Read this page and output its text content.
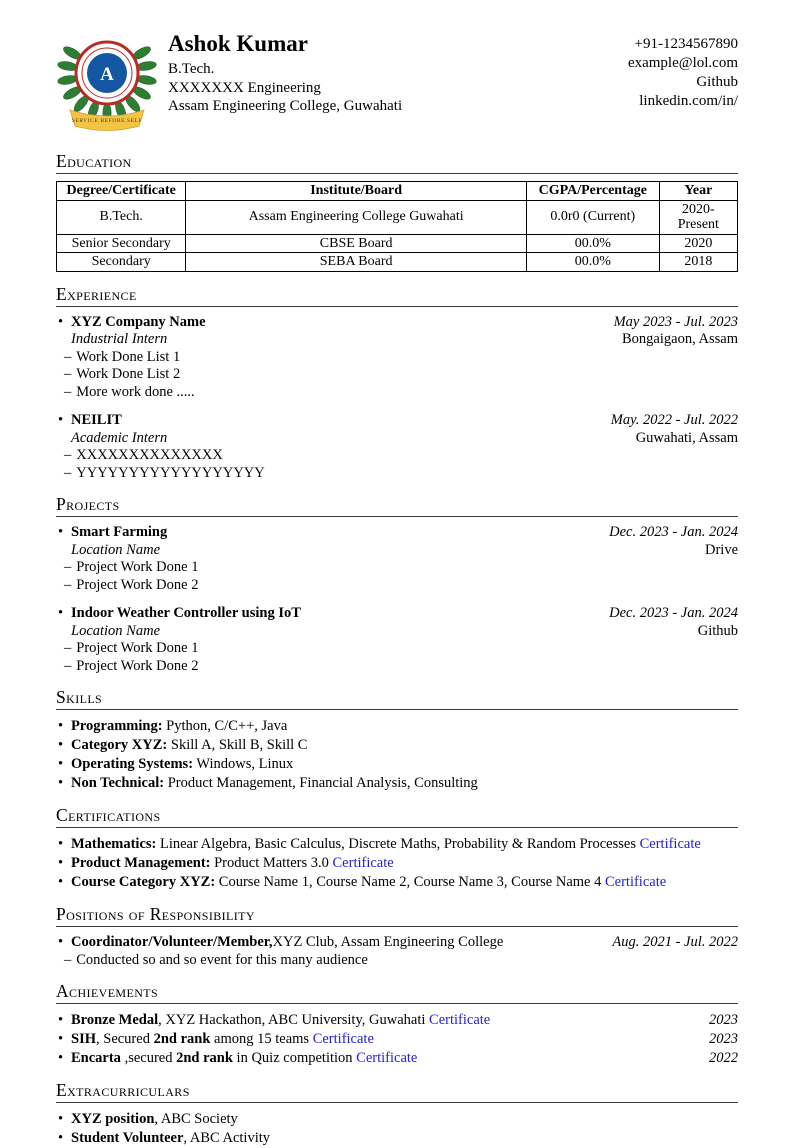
A
SERVICE BEFORE SELF
Ashok Kumar
B.Tech.
XXXXXXX Engineering
Assam Engineering College, Guwahati
+91-1234567890
example@lol.com
Github
linkedin.com/in/
Education
Degree/Certificate	Institute/Board	CGPA/Percentage	Year
B.Tech.	Assam Engineering College Guwahati	0.0r0 (Current)	2020-Present
Senior Secondary	CBSE Board	00.0%	2020
Secondary	SEBA Board	00.0%	2018
Experience
• XYZ Company Name	May 2023 - Jul. 2023
Industrial Intern	Bongaigaon, Assam
– Work Done List 1
– Work Done List 2
– More work done .....
• NEILIT	May. 2022 - Jul. 2022
Academic Intern	Guwahati, Assam
– XXXXXXXXXXXXXX
– YYYYYYYYYYYYYYYYYY
Projects
• Smart Farming	Dec. 2023 - Jan. 2024
Location Name	Drive
– Project Work Done 1
– Project Work Done 2
• Indoor Weather Controller using IoT	Dec. 2023 - Jan. 2024
Location Name	Github
– Project Work Done 1
– Project Work Done 2
Skills
• Programming: Python, C/C++, Java
• Category XYZ: Skill A, Skill B, Skill C
• Operating Systems: Windows, Linux
• Non Technical: Product Management, Financial Analysis, Consulting
Certifications
• Mathematics: Linear Algebra, Basic Calculus, Discrete Maths, Probability & Random Processes Certificate
• Product Management: Product Matters 3.0 Certificate
• Course Category XYZ: Course Name 1, Course Name 2, Course Name 3, Course Name 4 Certificate
Positions of Responsibility
• Coordinator/Volunteer/Member,XYZ Club, Assam Engineering College	Aug. 2021 - Jul. 2022
– Conducted so and so event for this many audience
Achievements
• Bronze Medal, XYZ Hackathon, ABC University, Guwahati Certificate	2023
• SIH, Secured 2nd rank among 15 teams Certificate	2023
• Encarta ,secured 2nd rank in Quiz competition Certificate	2022
Extracurriculars
• XYZ position, ABC Society
• Student Volunteer, ABC Activity
